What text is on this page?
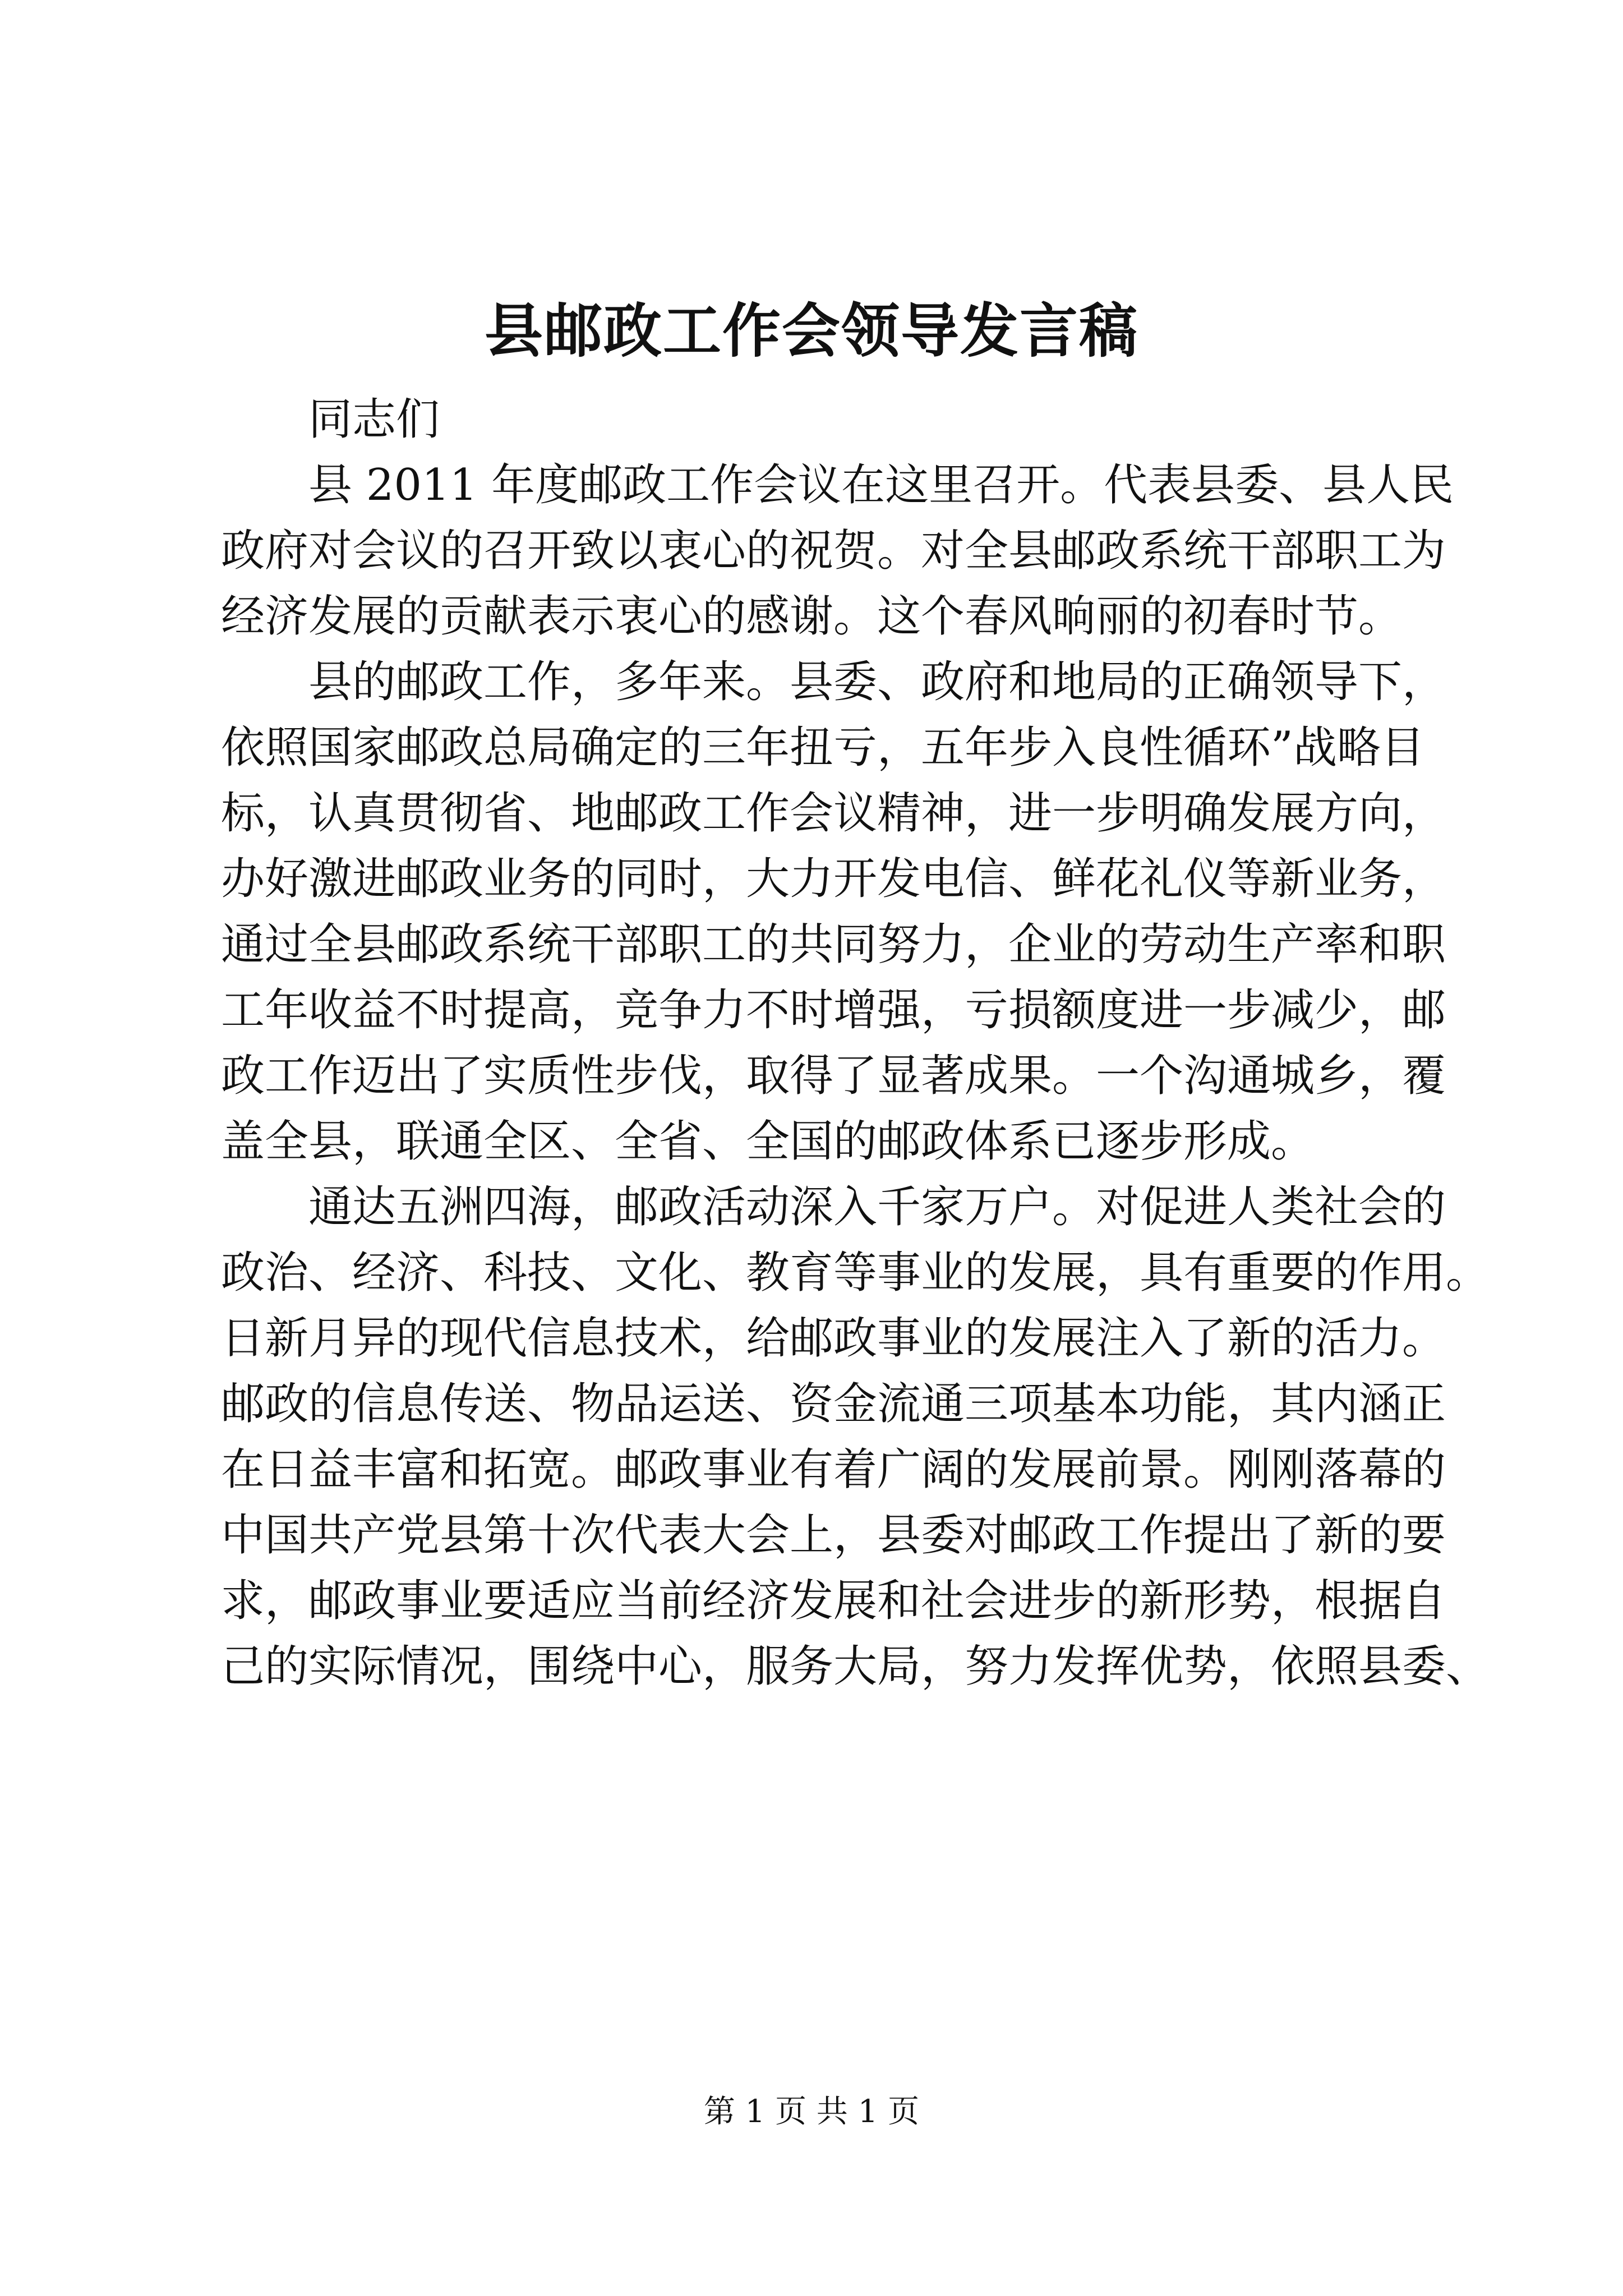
县邮政工作会领导发言稿
同志们
县 2011 年度邮政工作会议在这里召开。代表县委、县人民
政府对会议的召开致以衷心的祝贺。对全县邮政系统干部职工为
经济发展的贡献表示衷心的感谢。这个春风晌丽的初春时节。
县的邮政工作，多年来。县委、政府和地局的正确领导下，
依照国家邮政总局确定的三年扭亏，五年步入良性循环”战略目
标，认真贯彻省、地邮政工作会议精神，进一步明确发展方向，
办好激进邮政业务的同时，大力开发电信、鲜花礼仪等新业务，
通过全县邮政系统干部职工的共同努力，企业的劳动生产率和职
工年收益不时提高，竞争力不时增强，亏损额度进一步减少，邮
政工作迈出了实质性步伐，取得了显著成果。一个沟通城乡，覆
盖全县，联通全区、全省、全国的邮政体系已逐步形成。
通达五洲四海，邮政活动深入千家万户。对促进人类社会的
政治、经济、科技、文化、教育等事业的发展，具有重要的作用。
日新月异的现代信息技术，给邮政事业的发展注入了新的活力。
邮政的信息传送、物品运送、资金流通三项基本功能，其内涵正
在日益丰富和拓宽。邮政事业有着广阔的发展前景。刚刚落幕的
中国共产党县第十次代表大会上，县委对邮政工作提出了新的要
求，邮政事业要适应当前经济发展和社会进步的新形势，根据自
己的实际情况，围绕中心，服务大局，努力发挥优势，依照县委、
第 1 页 共 1 页
